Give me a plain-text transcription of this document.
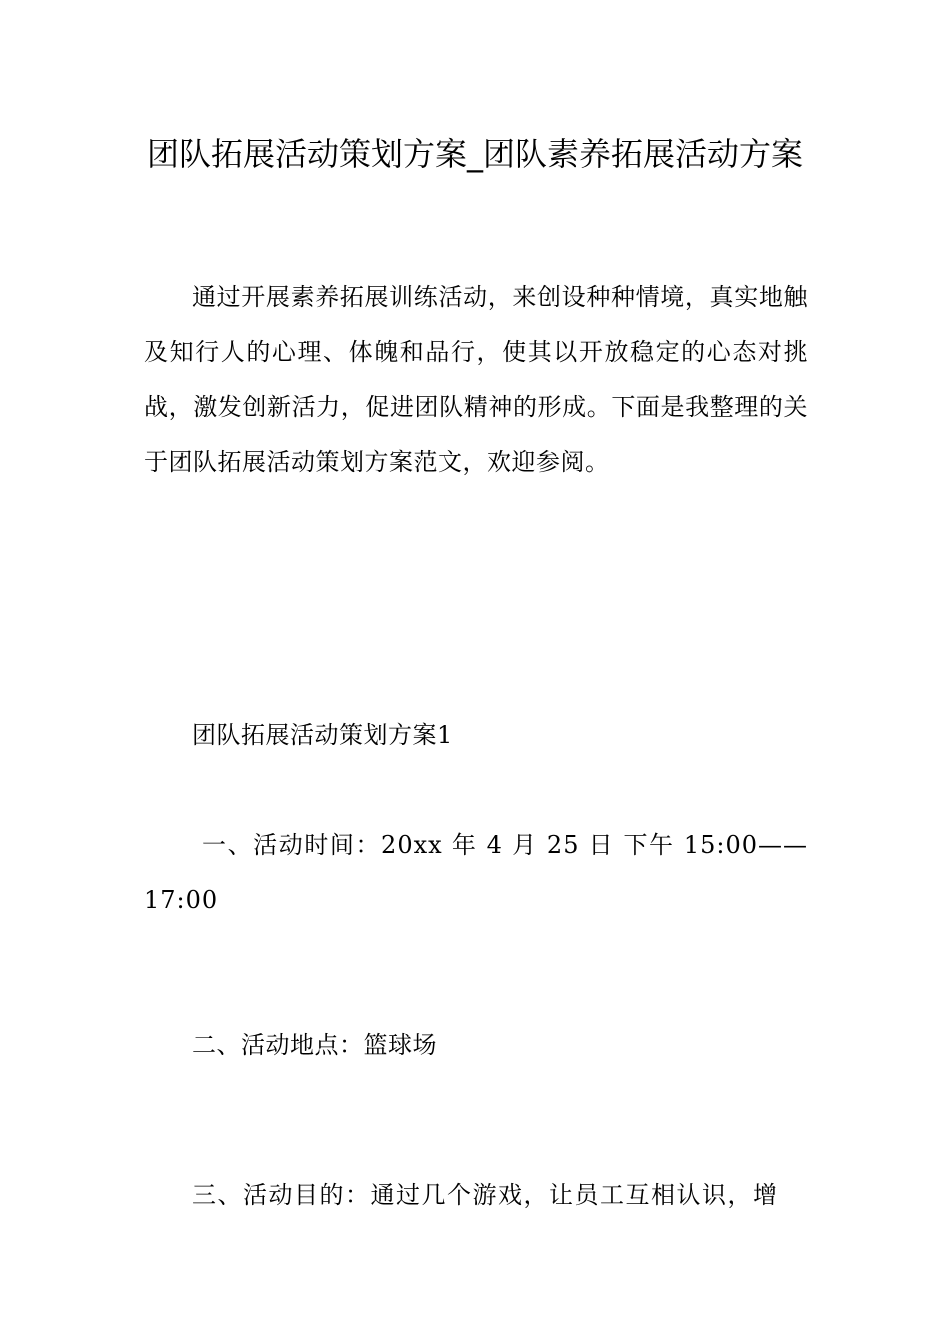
团队拓展活动策划方案_团队素养拓展活动方案

通过开展素养拓展训练活动，来创设种种情境，真实地触及知行人的心理、体魄和品行，使其以开放稳定的心态对挑战，激发创新活力，促进团队精神的形成。下面是我整理的关于团队拓展活动策划方案范文，欢迎参阅。

团队拓展活动策划方案1

一、活动时间：20xx 年 4 月 25 日 下午 15:00——17:00

二、活动地点：篮球场

三、活动目的：通过几个游戏，让员工互相认识，增
